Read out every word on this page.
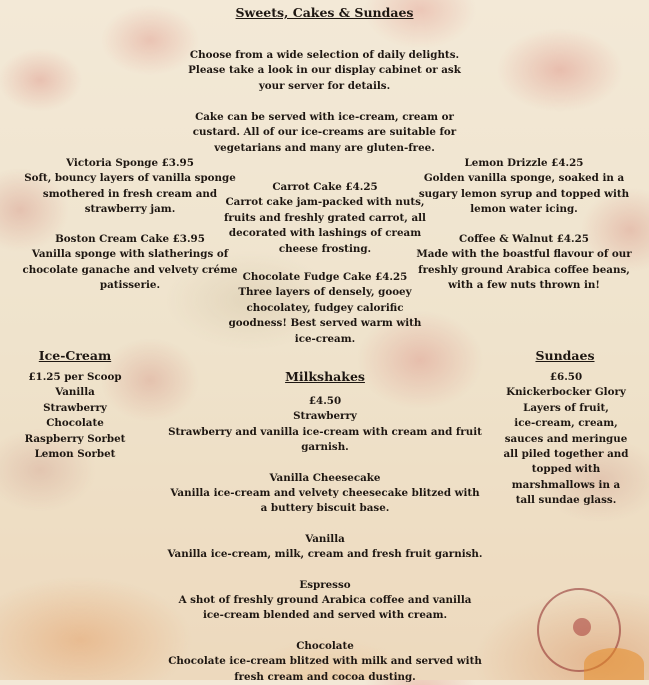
Sweets, Cakes & Sundaes
Choose from a wide selection of daily delights.
Please take a look in our display cabinet or ask
your server for details.
Cake can be served with ice-cream, cream or
custard. All of our ice-creams are suitable for
vegetarians and many are gluten-free.
Victoria Sponge £3.95
Soft, bouncy layers of vanilla sponge
smothered in fresh cream and
strawberry jam.
Boston Cream Cake £3.95
Vanilla sponge with slatherings of
chocolate ganache and velvety créme
patisserie.
Carrot Cake £4.25
Carrot cake jam-packed with nuts,
fruits and freshly grated carrot, all
decorated with lashings of cream
cheese frosting.
Chocolate Fudge Cake £4.25
Three layers of densely, gooey
chocolatey, fudgey calorific
goodness! Best served warm with
ice-cream.
Lemon Drizzle £4.25
Golden vanilla sponge, soaked in a
sugary lemon syrup and topped with
lemon water icing.
Coffee & Walnut £4.25
Made with the boastful flavour of our
freshly ground Arabica coffee beans,
with a few nuts thrown in!
Ice-Cream
£1.25 per Scoop
Vanilla
Strawberry
Chocolate
Raspberry Sorbet
Lemon Sorbet
Milkshakes
£4.50
Strawberry
Strawberry and vanilla ice-cream with cream and fruit
garnish.
Vanilla Cheesecake
Vanilla ice-cream and velvety cheesecake blitzed with
a buttery biscuit base.
Vanilla
Vanilla ice-cream, milk, cream and fresh fruit garnish.
Espresso
A shot of freshly ground Arabica coffee and vanilla
ice-cream blended and served with cream.
Chocolate
Chocolate ice-cream blitzed with milk and served with
fresh cream and cocoa dusting.
Sundaes
£6.50
Knickerbocker Glory
Layers of fruit,
ice-cream, cream,
sauces and meringue
all piled together and
topped with
marshmallows in a
tall sundae glass.
